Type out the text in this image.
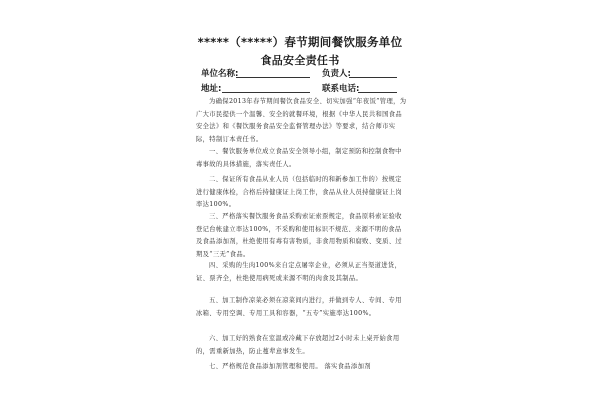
*****（*****）春节期间餐饮服务单位
食品安全责任书
单位名称:	负责人:
地址:	联系电话:

为确保2013年春节期间餐饮食品安全、切实加强“年夜饭”管理，为广大市民提供一个温馨、安全的就餐环境，根据《中华人民共和国食品安全法》和《餐饮服务食品安全监督管理办法》等要求，结合师市实际，特制订本责任书。

一、餐饮服务单位成立食品安全领导小组，制定预防和控制食物中毒事故的具体措施，落实责任人。

二、保证所有食品从业人员（包括临时的和新参加工作的）按规定进行健康体检，合格后持健康证上岗工作，食品从业人员持健康证上岗率达100%。

三、严格落实餐饮服务食品采购索证索票规定，食品原料索证验收登记台帐建立率达100%，不采购和使用标识不规范、来源不明的食品及食品添加剂，杜绝使用有毒有害物质，非食用物质和腐败、变质、过期及“三无”食品。

四、采购的生肉100%来自定点屠宰企业，必须从正当渠道进货，证、票齐全，杜绝使用病死或来源不明的肉食及其制品。

五、加工制作凉菜必须在凉菜间内进行，并做到专人、专间、专用冰箱、专用空调、专用工具和容器，“五专”实施率达100%。

六、加工好的熟食在室温或冷藏下存放超过2小时未上桌开始食用的，需重新加热，防止蔓辈意事发生。

七、严格规范食品添加剂管理和使用。 落实食品添加剂
